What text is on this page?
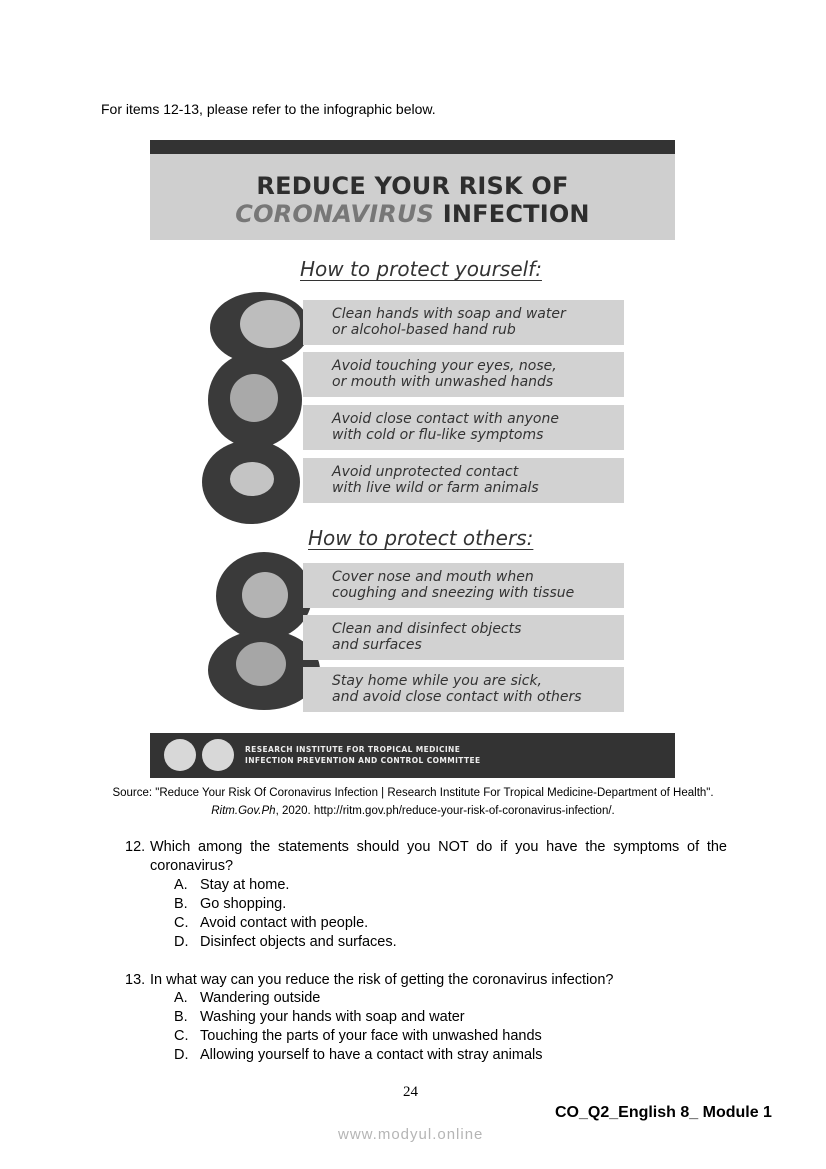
For items 12-13, please refer to the infographic below.
REDUCE YOUR RISK OF
CORONAVIRUS INFECTION
How to protect yourself:
Clean hands with soap and water
or alcohol-based hand rub
Avoid touching your eyes, nose,
or mouth with unwashed hands
Avoid close contact with anyone
with cold or flu-like symptoms
Avoid unprotected contact
with live wild or farm animals
How to protect others:
Cover nose and mouth when
coughing and sneezing with tissue
Clean and disinfect objects
and surfaces
Stay home while you are sick,
and avoid close contact with others
RESEARCH INSTITUTE FOR TROPICAL MEDICINE
INFECTION PREVENTION AND CONTROL COMMITTEE
Source: "Reduce Your Risk Of Coronavirus Infection | Research Institute For Tropical Medicine-Department of Health". Ritm.Gov.Ph, 2020. http://ritm.gov.ph/reduce-your-risk-of-coronavirus-infection/.
12. Which among the statements should you NOT do if you have the symptoms of the coronavirus?
A. Stay at home.
B. Go shopping.
C. Avoid contact with people.
D. Disinfect objects and surfaces.
13. In what way can you reduce the risk of getting the coronavirus infection?
A. Wandering outside
B. Washing your hands with soap and water
C. Touching the parts of your face with unwashed hands
D. Allowing yourself to have a contact with stray animals
24
CO_Q2_English 8_ Module 1
www.modyul.online
